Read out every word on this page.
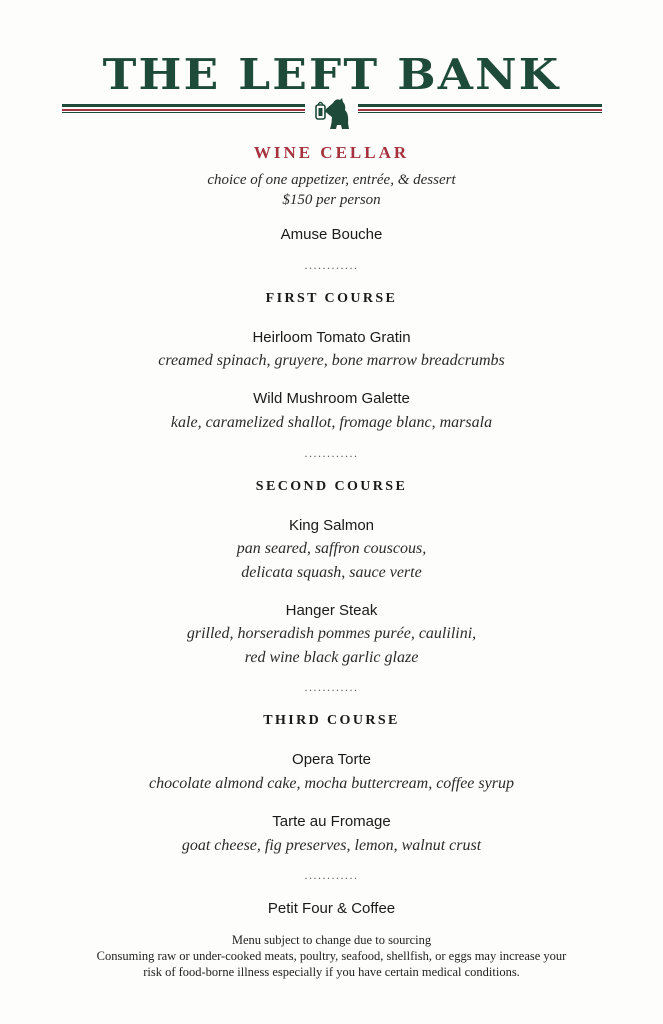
THE LEFT BANK
WINE CELLAR
choice of one appetizer, entrée, & dessert
$150 per person
Amuse Bouche
............
FIRST COURSE
Heirloom Tomato Gratin
creamed spinach, gruyere, bone marrow breadcrumbs
Wild Mushroom Galette
kale, caramelized shallot, fromage blanc, marsala
............
SECOND COURSE
King Salmon
pan seared, saffron couscous,
delicata squash, sauce verte
Hanger Steak
grilled, horseradish pommes purée, caulilini,
red wine black garlic glaze
............
THIRD COURSE
Opera Torte
chocolate almond cake, mocha buttercream, coffee syrup
Tarte au Fromage
goat cheese, fig preserves, lemon, walnut crust
............
Petit Four & Coffee
Menu subject to change due to sourcing
Consuming raw or under-cooked meats, poultry, seafood, shellfish, or eggs may increase your
risk of food-borne illness especially if you have certain medical conditions.
